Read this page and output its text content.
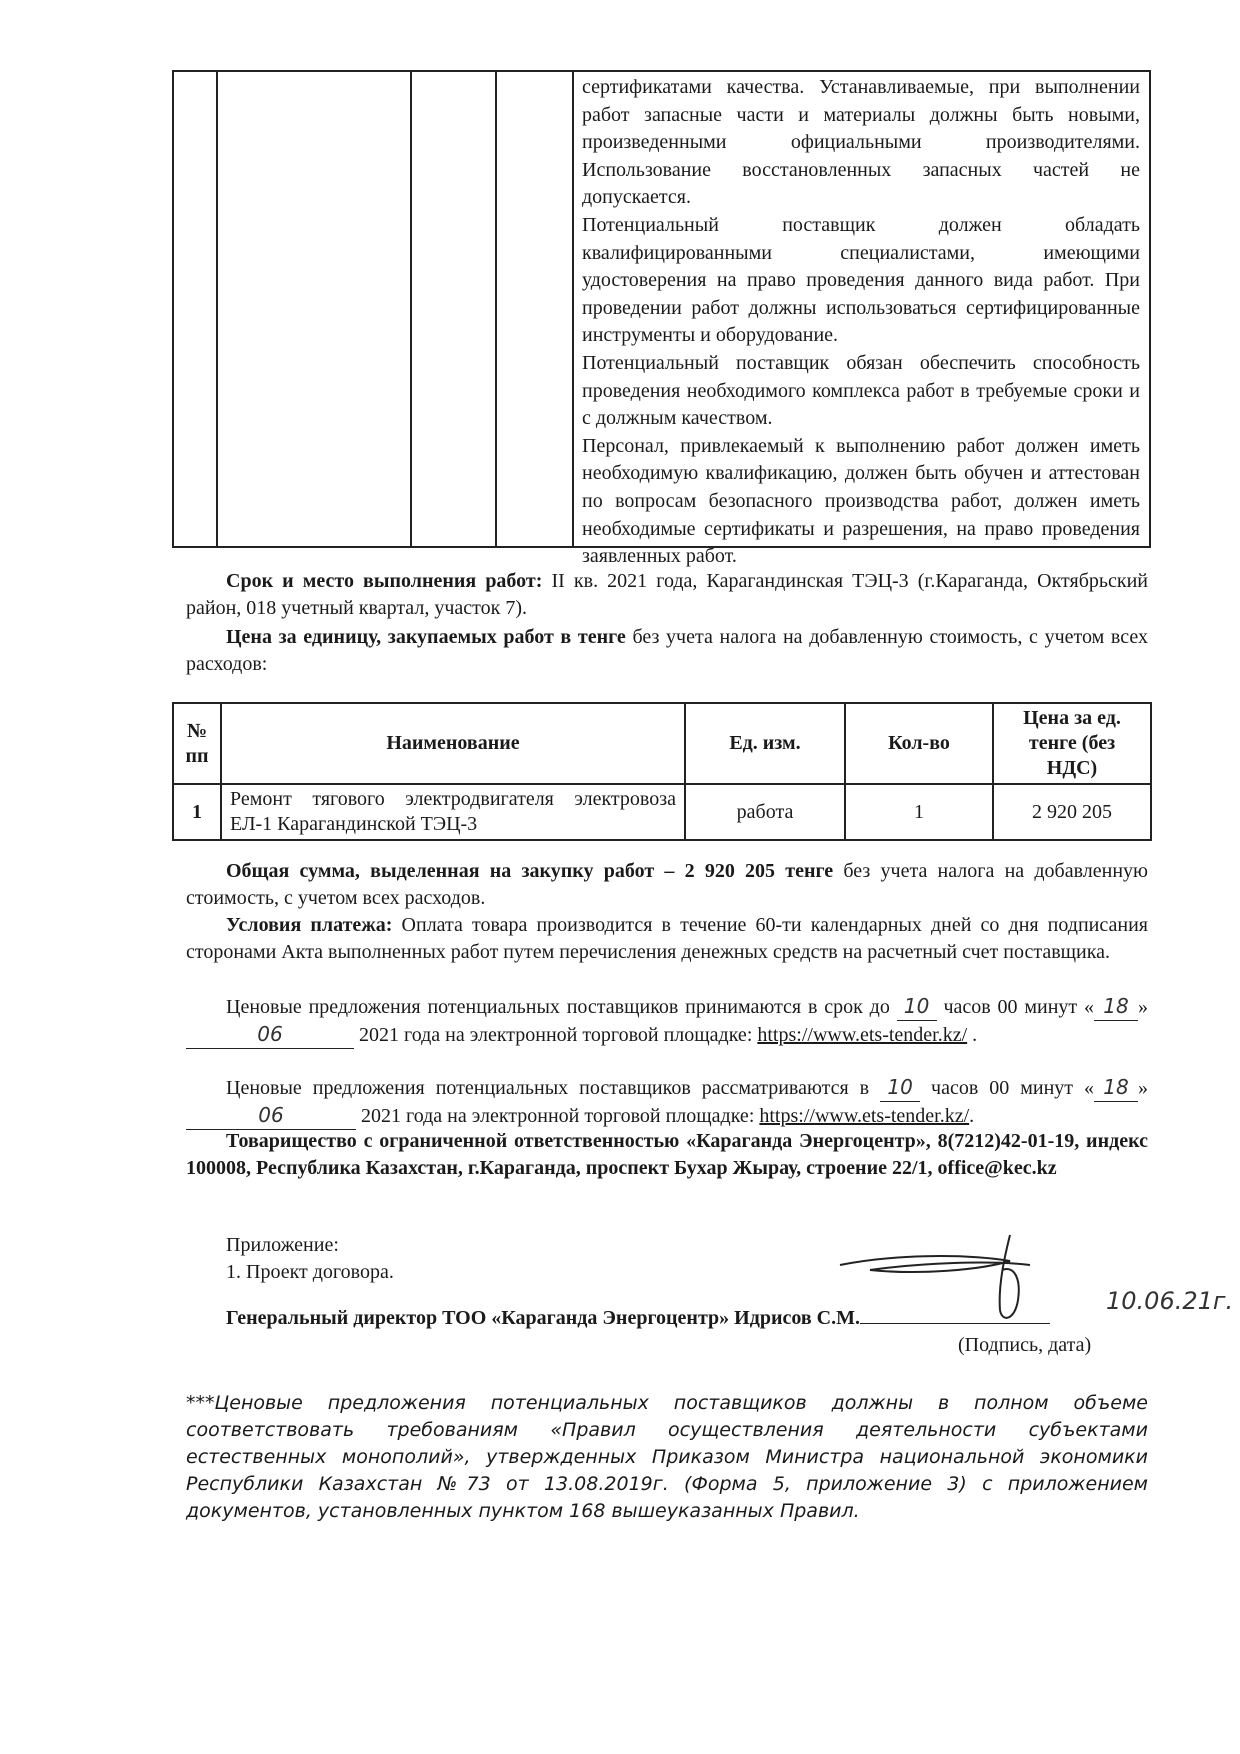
сертификатами качества. Устанавливаемые, при выполнении работ запасные части и материалы должны быть новыми, произведенными официальными производителями. Использование восстановленных запасных частей не допускается.

Потенциальный поставщик должен обладать квалифицированными специалистами, имеющими удостоверения на право проведения данного вида работ. При проведении работ должны использоваться сертифицированные инструменты и оборудование.

Потенциальный поставщик обязан обеспечить способность проведения необходимого комплекса работ в требуемые сроки и с должным качеством.

Персонал, привлекаемый к выполнению работ должен иметь необходимую квалификацию, должен быть обучен и аттестован по вопросам безопасного производства работ, должен иметь необходимые сертификаты и разрешения, на право проведения заявленных работ.

Срок и место выполнения работ: II кв. 2021 года, Карагандинская ТЭЦ-3 (г.Караганда, Октябрьский район, 018 учетный квартал, участок 7).

Цена за единицу, закупаемых работ в тенге без учета налога на добавленную стоимость, с учетом всех расходов:

№ пп	Наименование	Ед. изм.	Кол-во	Цена за ед. тенге (без НДС)
1	Ремонт тягового электродвигателя электровоза ЕЛ-1 Карагандинской ТЭЦ-3	работа	1	2 920 205

Общая сумма, выделенная на закупку работ – 2 920 205 тенге без учета налога на добавленную стоимость, с учетом всех расходов.

Условия платежа: Оплата товара производится в течение 60-ти календарных дней со дня подписания сторонами Акта выполненных работ путем перечисления денежных средств на расчетный счет поставщика.

Ценовые предложения потенциальных поставщиков принимаются в срок до 10 часов 00 минут « 18 » 06	2021 года на электронной торговой площадке: https://www.ets-tender.kz/ .

Ценовые предложения потенциальных поставщиков рассматриваются в 10 часов 00 минут « 18 » 06	2021 года на электронной торговой площадке: https://www.ets-tender.kz/.

Товарищество с ограниченной ответственностью «Караганда Энергоцентр», 8(7212)42-01-19, индекс 100008, Республика Казахстан, г.Караганда, проспект Бухар Жырау, строение 22/1, office@kec.kz

Приложение:
1. Проект договора.
Генеральный директор ТОО «Караганда Энергоцентр» Идрисов С.М.
10.06.21г.
(Подпись, дата)
***Ценовые предложения потенциальных поставщиков должны в полном объеме соответствовать требованиям «Правил осуществления деятельности субъектами естественных монополий», утвержденных Приказом Министра национальной экономики Республики Казахстан №73 от 13.08.2019г. (Форма 5, приложение 3) с приложением документов, установленных пунктом 168 вышеуказанных Правил.
